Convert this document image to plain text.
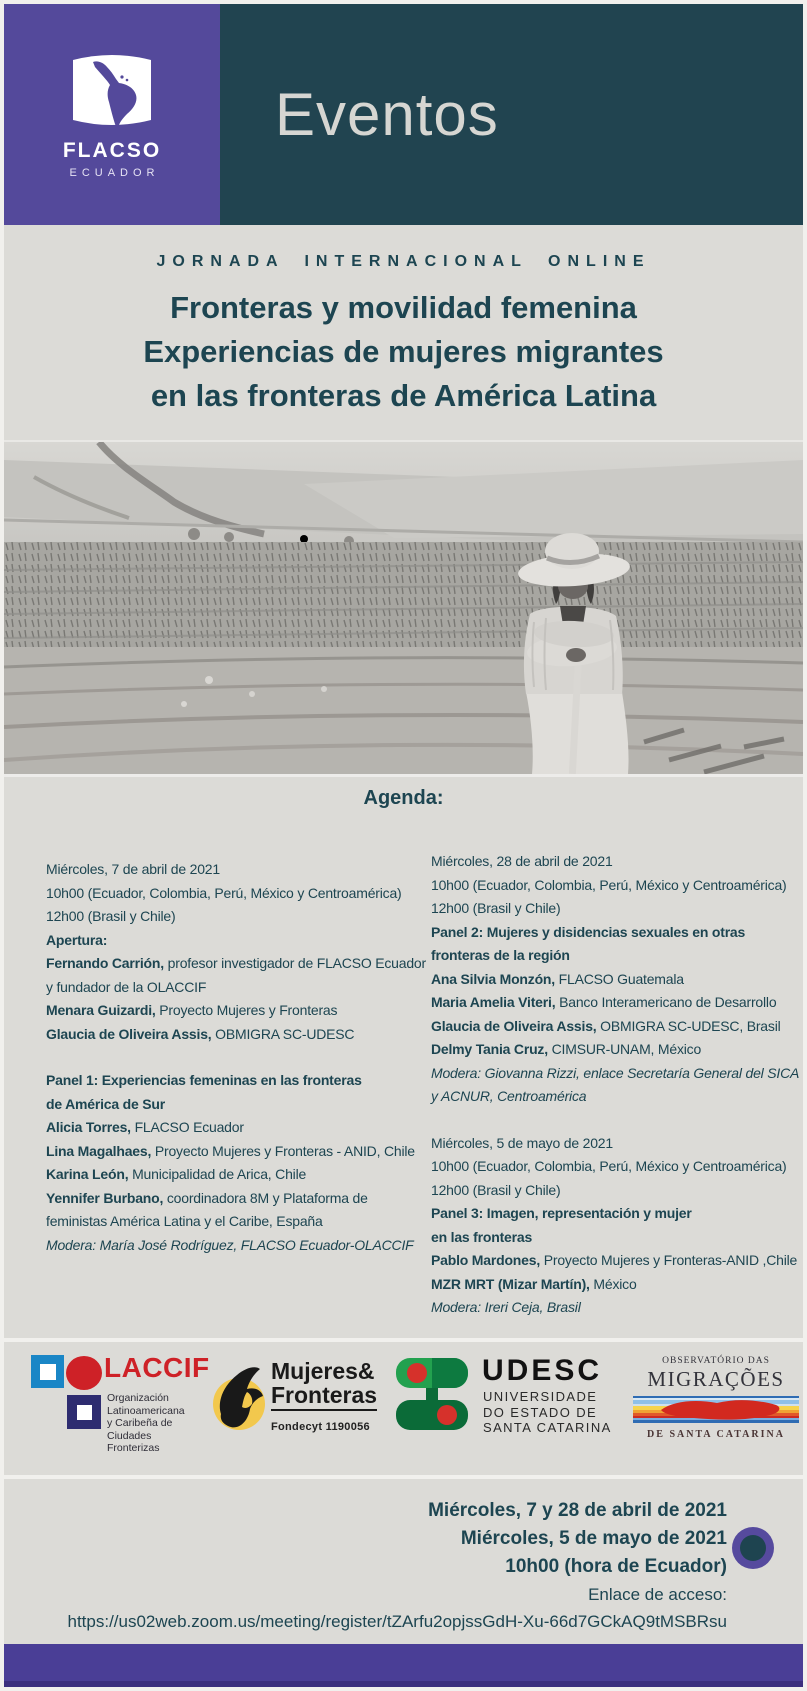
FLACSO
ECUADOR
Eventos
JORNADA INTERNACIONAL ONLINE
Fronteras y movilidad femenina
Experiencias de mujeres migrantes
en las fronteras de América Latina
Agenda:

Miércoles, 7 de abril de 2021

10h00 (Ecuador, Colombia, Perú, México y Centroamérica)

12h00 (Brasil y Chile)

Apertura:

Fernando Carrión, profesor investigador de FLACSO Ecuador

y fundador de la OLACCIF

Menara Guizardi, Proyecto Mujeres y Fronteras

Glaucia de Oliveira Assis, OBMIGRA SC-UDESC

Panel 1: Experiencias femeninas en las fronteras

de América de Sur

Alicia Torres, FLACSO Ecuador

Lina Magalhaes, Proyecto Mujeres y Fronteras - ANID, Chile

Karina León, Municipalidad de Arica, Chile

Yennifer Burbano, coordinadora 8M y Plataforma de

feministas América Latina y el Caribe, España

Modera: María José Rodríguez, FLACSO Ecuador-OLACCIF

Miércoles, 28 de abril de 2021

10h00 (Ecuador, Colombia, Perú, México y Centroamérica)

12h00 (Brasil y Chile)

Panel 2: Mujeres y disidencias sexuales en otras

fronteras de la región

Ana Silvia Monzón, FLACSO Guatemala

Maria Amelia Viteri, Banco Interamericano de Desarrollo

Glaucia de Oliveira Assis, OBMIGRA SC-UDESC, Brasil

Delmy Tania Cruz, CIMSUR-UNAM, México

Modera: Giovanna Rizzi, enlace Secretaría General del SICA

y ACNUR, Centroamérica

Miércoles, 5 de mayo de 2021

10h00 (Ecuador, Colombia, Perú, México y Centroamérica)

12h00 (Brasil y Chile)

Panel 3: Imagen, representación y mujer

en las fronteras

Pablo Mardones, Proyecto Mujeres y Fronteras-ANID ,Chile

MZR MRT (Mizar Martín), México

Modera: Ireri Ceja, Brasil

LACCIF
Organización
Latinoamericana
y Caribeña de
Ciudades Fronterizas
Mujeres&
Fronteras
Fondecyt 1190056
UDESC
UNIVERSIDADE
DO ESTADO DE
SANTA CATARINA
OBSERVATÓRIO DAS
MIGRAÇÕES
DE SANTA CATARINA

Miércoles, 7 y 28 de abril de 2021

Miércoles, 5 de mayo de 2021

10h00 (hora de Ecuador)

Enlace de acceso:

https://us02web.zoom.us/meeting/register/tZArfu2opjssGdH-Xu-66d7GCkAQ9tMSBRsu
